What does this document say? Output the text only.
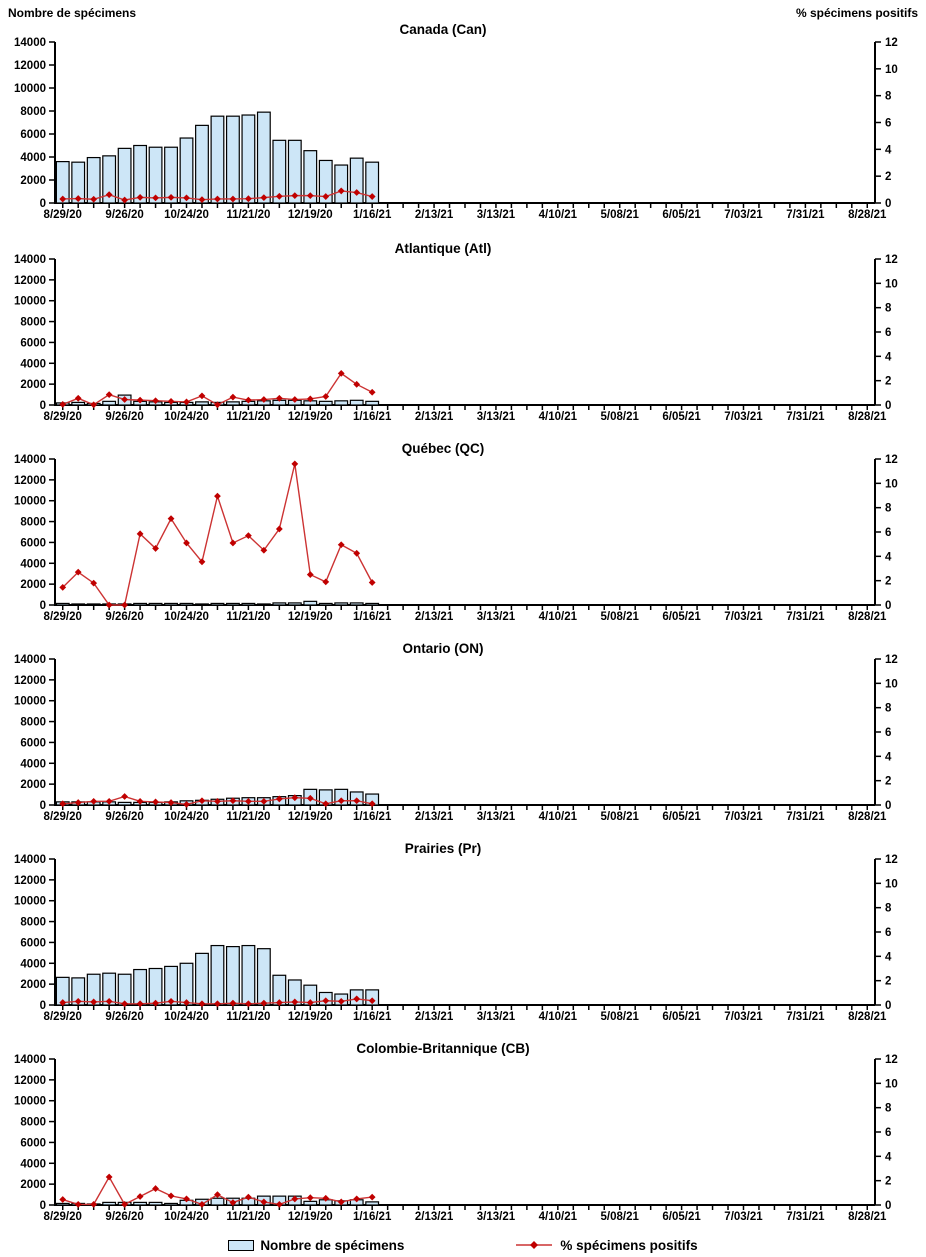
Nombre de spécimens	% spécimens positifs
Canada (Can)
0
2000
4000
6000
8000
10000
12000
14000
0
2
4
6
8
10
12
8/29/20 9/26/20 10/24/20 11/21/20 12/19/20 1/16/21 2/13/21 3/13/21 4/10/21 5/08/21 6/05/21 7/03/21 7/31/21 8/28/21
Atlantique (Atl)
0
2000
4000
6000
8000
10000
12000
14000
0
2
4
6
8
10
12
8/29/20 9/26/20 10/24/20 11/21/20 12/19/20 1/16/21 2/13/21 3/13/21 4/10/21 5/08/21 6/05/21 7/03/21 7/31/21 8/28/21
Québec (QC)
0
2000
4000
6000
8000
10000
12000
14000
0
2
4
6
8
10
12
8/29/20 9/26/20 10/24/20 11/21/20 12/19/20 1/16/21 2/13/21 3/13/21 4/10/21 5/08/21 6/05/21 7/03/21 7/31/21 8/28/21
Ontario (ON)
0
2000
4000
6000
8000
10000
12000
14000
0
2
4
6
8
10
12
8/29/20 9/26/20 10/24/20 11/21/20 12/19/20 1/16/21 2/13/21 3/13/21 4/10/21 5/08/21 6/05/21 7/03/21 7/31/21 8/28/21
Prairies (Pr)
0
2000
4000
6000
8000
10000
12000
14000
0
2
4
6
8
10
12
8/29/20 9/26/20 10/24/20 11/21/20 12/19/20 1/16/21 2/13/21 3/13/21 4/10/21 5/08/21 6/05/21 7/03/21 7/31/21 8/28/21
Colombie-Britannique (CB)
0
2000
4000
6000
8000
10000
12000
14000
0
2
4
6
8
10
12
8/29/20 9/26/20 10/24/20 11/21/20 12/19/20 1/16/21 2/13/21 3/13/21 4/10/21 5/08/21 6/05/21 7/03/21 7/31/21 8/28/21
Nombre de spécimens	% spécimens positifs
